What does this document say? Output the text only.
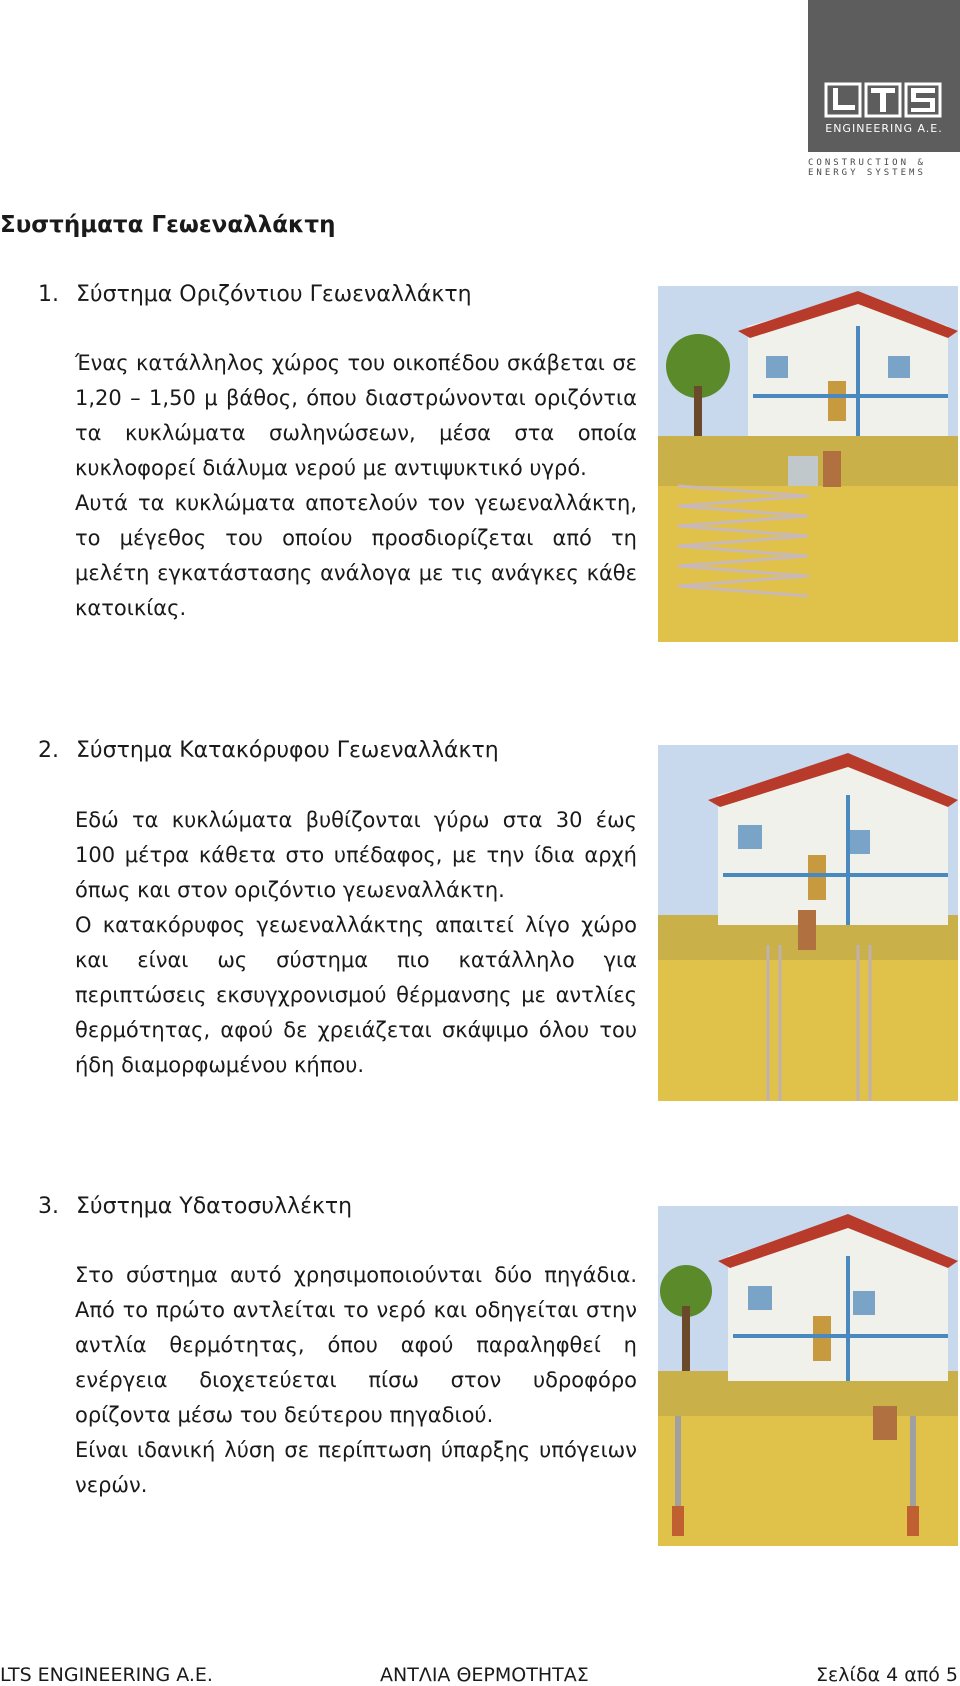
ENGINEERING A.E.
CONSTRUCTION &
ENERGY SYSTEMS
Συστήματα Γεωεναλλάκτη
1. Σύστημα Οριζόντιου Γεωεναλλάκτη

Ένας κατάλληλος χώρος του οικοπέδου σκάβεται σε 1,20 – 1,50 μ βάθος, όπου διαστρώνονται οριζόντια τα κυκλώματα σωληνώσεων, μέσα στα οποία κυκλοφορεί διάλυμα νερού με αντιψυκτικό υγρό.

Αυτά τα κυκλώματα αποτελούν τον γεωεναλλάκτη, το μέγεθος του οποίου προσδιορίζεται από τη μελέτη εγκατάστασης ανάλογα με τις ανάγκες κάθε κατοικίας.

2. Σύστημα Κατακόρυφου Γεωεναλλάκτη

Εδώ τα κυκλώματα βυθίζονται γύρω στα 30 έως 100 μέτρα κάθετα στο υπέδαφος, με την ίδια αρχή όπως και στον οριζόντιο γεωεναλλάκτη.

Ο κατακόρυφος γεωεναλλάκτης απαιτεί λίγο χώρο και είναι ως σύστημα πιο κατάλληλο για περιπτώσεις εκσυγχρονισμού θέρμανσης με αντλίες θερμότητας, αφού δε χρειάζεται σκάψιμο όλου του ήδη διαμορφωμένου κήπου.

3. Σύστημα Υδατοσυλλέκτη

Στο σύστημα αυτό χρησιμοποιούνται δύο πηγάδια. Από το πρώτο αντλείται το νερό και οδηγείται στην αντλία θερμότητας, όπου αφού παραληφθεί η ενέργεια διοχετεύεται πίσω στον υδροφόρο ορίζοντα μέσω του δεύτερου πηγαδιού.

Είναι ιδανική λύση σε περίπτωση ύπαρξης υπόγειων νερών.

LTS ENGINEERING A.E.	ΑΝΤΛΙΑ ΘΕΡΜΟΤΗΤΑΣ	Σελίδα 4 από 5
